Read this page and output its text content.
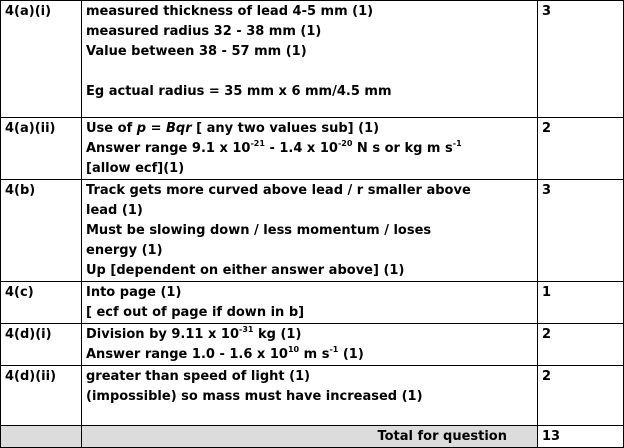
4(a)(i)	measured thickness of lead 4-5 mm (1)
measured radius 32 - 38 mm (1)
Value between 38 - 57 mm (1)
Eg actual radius = 35 mm x 6 mm/4.5 mm	3
4(a)(ii)	Use of p = Bqr [ any two values sub] (1)
Answer range 9.1 x $10^{-21} - 1.4$ x $10^{-20}$ N s or kg m $s^{-1}$
[allow ecf](1)	2
4(b)	Track gets more curved above lead / r smaller above
lead (1)
Must be slowing down / less momentum / loses
energy (1)
Up [dependent on either answer above] (1)	3
4(c)	Into page (1)
[ ecf out of page if down in b]	1
4(d)(i)	Division by 9.11 x $10^{-31}$ kg (1)
Answer range 1.0 - 1.6 x $10^{10}$ m $s^{-1}$ (1)	2
4(d)(ii)	greater than speed of light (1)
(impossible) so mass must have increased (1)	2
	Total for question	13
